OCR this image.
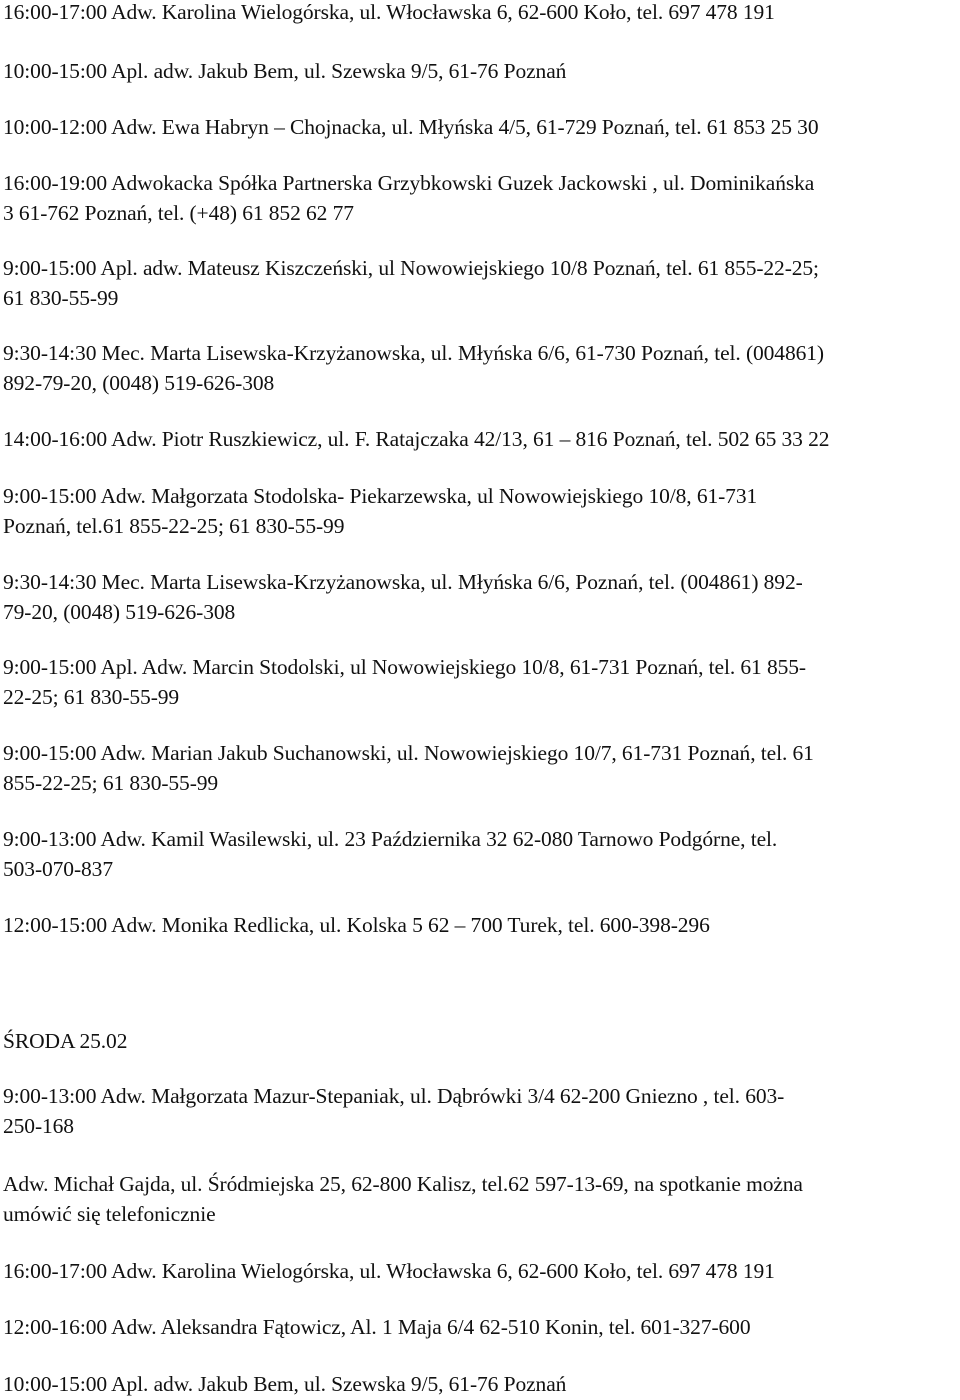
16:00-17:00 Adw. Karolina Wielogórska, ul. Włocławska 6, 62-600 Koło, tel. 697 478 191
10:00-15:00 Apl. adw. Jakub Bem, ul. Szewska 9/5, 61-76 Poznań
10:00-12:00 Adw. Ewa Habryn – Chojnacka, ul. Młyńska 4/5, 61-729 Poznań, tel. 61 853 25 30
16:00-19:00 Adwokacka Spółka Partnerska Grzybkowski Guzek Jackowski , ul. Dominikańska
3 61-762 Poznań, tel. (+48) 61 852 62 77
9:00-15:00 Apl. adw. Mateusz Kiszczeński, ul Nowowiejskiego 10/8 Poznań, tel. 61 855-22-25;
61 830-55-99
9:30-14:30 Mec. Marta Lisewska-Krzyżanowska, ul. Młyńska 6/6, 61-730 Poznań, tel. (004861)
892-79-20, (0048) 519-626-308
14:00-16:00 Adw. Piotr Ruszkiewicz, ul. F. Ratajczaka 42/13, 61 – 816 Poznań, tel. 502 65 33 22
9:00-15:00 Adw. Małgorzata Stodolska- Piekarzewska, ul Nowowiejskiego 10/8, 61-731
Poznań, tel.61 855-22-25; 61 830-55-99
9:30-14:30 Mec. Marta Lisewska-Krzyżanowska, ul. Młyńska 6/6, Poznań, tel. (004861) 892-
79-20, (0048) 519-626-308
9:00-15:00 Apl. Adw. Marcin Stodolski, ul Nowowiejskiego 10/8, 61-731 Poznań, tel. 61 855-
22-25; 61 830-55-99
9:00-15:00 Adw. Marian Jakub Suchanowski, ul. Nowowiejskiego 10/7, 61-731 Poznań, tel. 61
855-22-25; 61 830-55-99
9:00-13:00 Adw. Kamil Wasilewski, ul. 23 Października 32 62-080 Tarnowo Podgórne, tel.
503-070-837
12:00-15:00 Adw. Monika Redlicka, ul. Kolska 5 62 – 700 Turek, tel. 600-398-296
ŚRODA 25.02
9:00-13:00 Adw. Małgorzata Mazur-Stepaniak, ul. Dąbrówki 3/4 62-200 Gniezno , tel. 603-
250-168
Adw. Michał Gajda, ul. Śródmiejska 25, 62-800 Kalisz, tel.62 597-13-69, na spotkanie można
umówić się telefonicznie
16:00-17:00 Adw. Karolina Wielogórska, ul. Włocławska 6, 62-600 Koło, tel. 697 478 191
12:00-16:00 Adw. Aleksandra Fątowicz, Al. 1 Maja 6/4 62-510 Konin, tel. 601-327-600
10:00-15:00 Apl. adw. Jakub Bem, ul. Szewska 9/5, 61-76 Poznań
